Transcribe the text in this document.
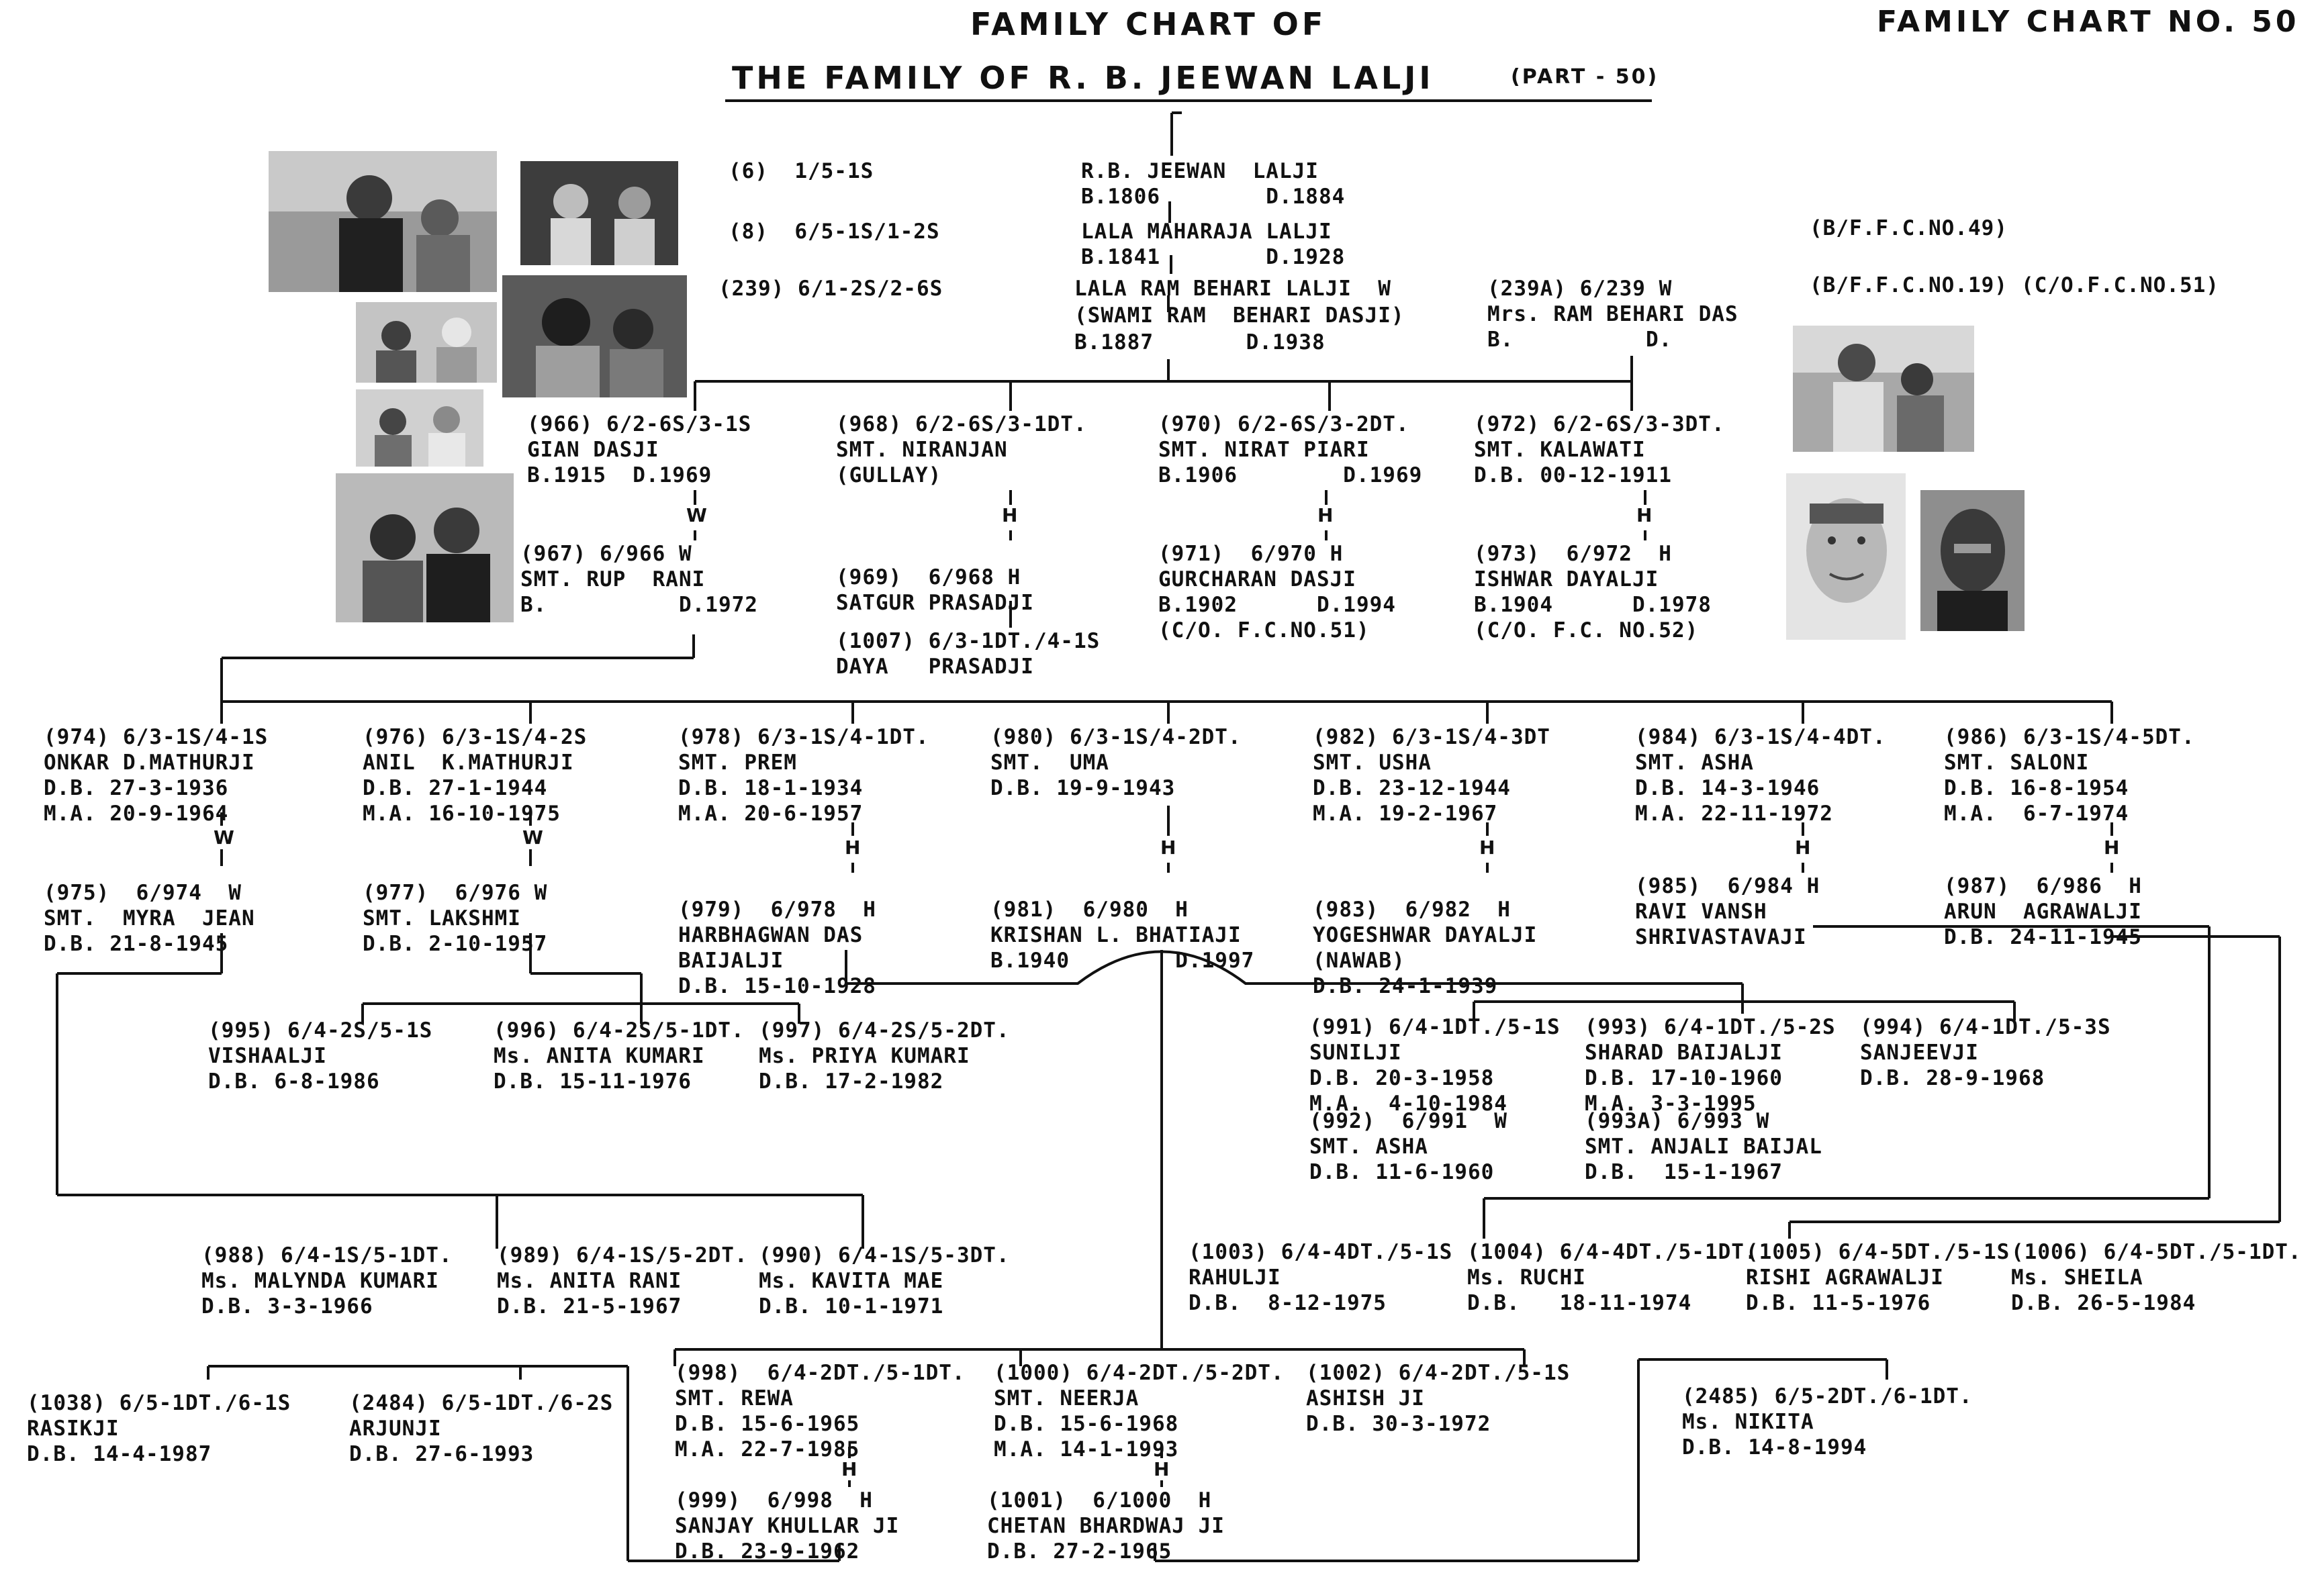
FAMILY CHART OF
THE FAMILY OF R. B. JEEWAN LALJI	(PART - 50)
FAMILY CHART NO. 50
(B/F.F.C.NO.49)
(B/F.F.C.NO.19) (C/O.F.C.NO.51)
(6)  1/5-1S	R.B. JEEWAN  LALJI
B.1806        D.1884
(8)  6/5-1S/1-2S	LALA MAHARAJA LALJI
B.1841        D.1928
(239) 6/1-2S/2-6S	LALA RAM BEHARI LALJI  W
(SWAMI RAM  BEHARI DASJI)
B.1887       D.1938
(239A) 6/239 W
Mrs. RAM BEHARI DAS
B.          D.
(966) 6/2-6S/3-1S
GIAN DASJI
B.1915  D.1969
(967) 6/966 W
SMT. RUP  RANI
B.          D.1972
(968) 6/2-6S/3-1DT.
SMT. NIRANJAN
(GULLAY)
(969)  6/968 H
SATGUR PRASADJI
(1007) 6/3-1DT./4-1S
DAYA   PRASADJI
(970) 6/2-6S/3-2DT.
SMT. NIRAT PIARI
B.1906        D.1969
(971)  6/970 H
GURCHARAN DASJI
B.1902      D.1994
(C/O. F.C.NO.51)
(972) 6/2-6S/3-3DT.
SMT. KALAWATI
D.B. 00-12-1911
(973)  6/972  H
ISHWAR DAYALJI
B.1904      D.1978
(C/O. F.C. NO.52)
(974) 6/3-1S/4-1S
ONKAR D.MATHURJI
D.B. 27-3-1936
M.A. 20-9-1964
(975)  6/974  W
SMT.  MYRA  JEAN
D.B. 21-8-1945
(976) 6/3-1S/4-2S
ANIL  K.MATHURJI
D.B. 27-1-1944
M.A. 16-10-1975
(977)  6/976 W
SMT. LAKSHMI
D.B. 2-10-1957
(978) 6/3-1S/4-1DT.
SMT. PREM
D.B. 18-1-1934
M.A. 20-6-1957
(979)  6/978  H
HARBHAGWAN DAS
BAIJALJI
D.B. 15-10-1928
(980) 6/3-1S/4-2DT.
SMT.  UMA
D.B. 19-9-1943
(981)  6/980  H
KRISHAN L. BHATIAJI
B.1940        D.1997
(982) 6/3-1S/4-3DT
SMT. USHA
D.B. 23-12-1944
M.A. 19-2-1967
(983)  6/982  H
YOGESHWAR DAYALJI
(NAWAB)
D.B. 24-1-1939
(984) 6/3-1S/4-4DT.
SMT. ASHA
D.B. 14-3-1946
M.A. 22-11-1972
(985)  6/984 H
RAVI VANSH
SHRIVASTAVAJI
(986) 6/3-1S/4-5DT.
SMT. SALONI
D.B. 16-8-1954
M.A.  6-7-1974
(987)  6/986  H
ARUN  AGRAWALJI
D.B. 24-11-1945
(995) 6/4-2S/5-1S
VISHAALJI
D.B. 6-8-1986
(996) 6/4-2S/5-1DT.
Ms. ANITA KUMARI
D.B. 15-11-1976
(997) 6/4-2S/5-2DT.
Ms. PRIYA KUMARI
D.B. 17-2-1982
(991) 6/4-1DT./5-1S
SUNILJI
D.B. 20-3-1958
M.A.  4-10-1984
(992)  6/991  W
SMT. ASHA
D.B. 11-6-1960
(993) 6/4-1DT./5-2S
SHARAD BAIJALJI
D.B. 17-10-1960
M.A. 3-3-1995
(993A) 6/993 W
SMT. ANJALI BAIJAL
D.B.  15-1-1967
(994) 6/4-1DT./5-3S
SANJEEVJI
D.B. 28-9-1968
(988) 6/4-1S/5-1DT.
Ms. MALYNDA KUMARI
D.B. 3-3-1966
(989) 6/4-1S/5-2DT.
Ms. ANITA RANI
D.B. 21-5-1967
(990) 6/4-1S/5-3DT.
Ms. KAVITA MAE
D.B. 10-1-1971
(1003) 6/4-4DT./5-1S
RAHULJI
D.B.  8-12-1975
(1004) 6/4-4DT./5-1DT.
Ms. RUCHI
D.B.   18-11-1974
(1005) 6/4-5DT./5-1S
RISHI AGRAWALJI
D.B. 11-5-1976
(1006) 6/4-5DT./5-1DT.
Ms. SHEILA
D.B. 26-5-1984
(1038) 6/5-1DT./6-1S
RASIKJI
D.B. 14-4-1987
(2484) 6/5-1DT./6-2S
ARJUNJI
D.B. 27-6-1993
(998)  6/4-2DT./5-1DT.
SMT. REWA
D.B. 15-6-1965
M.A. 22-7-1985
(999)  6/998  H
SANJAY KHULLAR JI
D.B. 23-9-1962
(1000) 6/4-2DT./5-2DT.
SMT. NEERJA
D.B. 15-6-1968
M.A. 14-1-1993
(1001)  6/1000  H
CHETAN BHARDWAJ JI
D.B. 27-2-1965
(1002) 6/4-2DT./5-1S
ASHISH JI
D.B. 30-3-1972
(2485) 6/5-2DT./6-1DT.
Ms. NIKITA
D.B. 14-8-1994
W	H	H	H
W	W	H	H	H	H	H
H	H
